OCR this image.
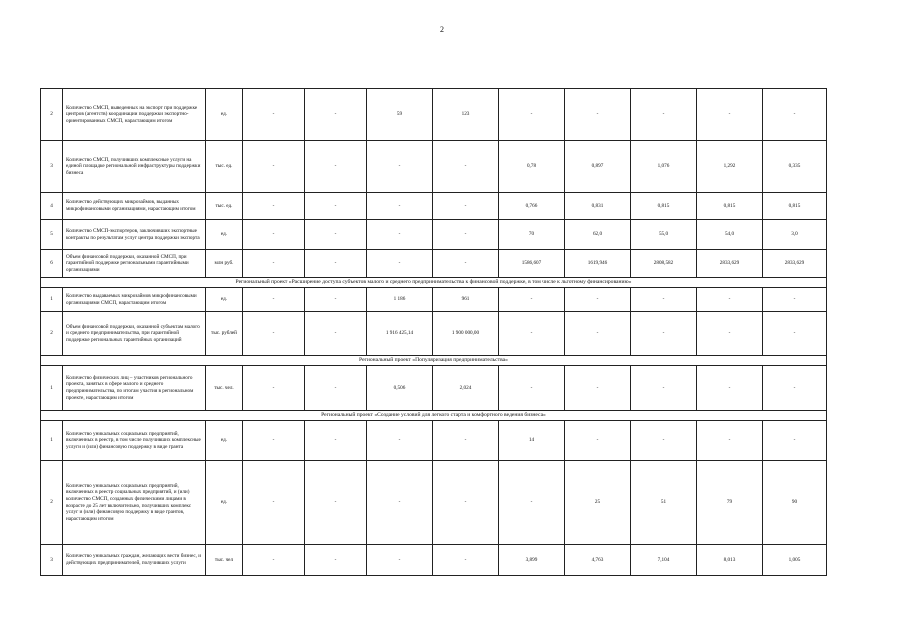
2
2	Количество СМСП, выведенных на экспорт при поддержке центров (агентств) координации поддержки экспортно-ориентированных СМСП, нарастающим итогом	ед.	-	-	59	123	-	-	-	-	-
3	Количество СМСП, получивших комплексные услуги на единой площадке региональной инфраструктуры поддержки бизнеса	тыс. ед.	-	-	-	-	0,78	0,897	1,076	1,292	0,335
4	Количество действующих микрозаймов, выданных микрофинансовыми организациями, нарастающим итогом	тыс. ед.	-	-	-	-	0,766	0,831	0,815	0,815	0,815
5	Количество СМСП-экспортеров, заключивших экспортные контракты по результатам услуг центра поддержки экспорта	ед.	-	-	-	-	70	62,0	55,0	54,0	3,0
6	Объем финансовой поддержки, оказанной СМСП, при гарантийной поддержке региональными гарантийными организациями	млн руб.	-	-	-	-	1586,607	1619,946	2808,582	2833,629	2833,629
Региональный проект «Расширение доступа субъектов малого и среднего предпринимательства к финансовой поддержке, в том числе к льготному финансированию»											
1	Количество выдаваемых микрозаймов микрофинансовыми организациями СМСП, нарастающим итогом	ед.	-	-	1 186	961	-	-	-	-	-
2	Объем финансовой поддержки, оказанной субъектам малого и среднего предпринимательства, при гарантийной поддержке региональных гарантийных организаций	тыс. рублей	-	-	1 916 425,14	1 900 000,00	-	-	-	-	-
Региональный проект «Популяризация предпринимательства»											
1	Количество физических лиц – участников регионального проекта, занятых в сфере малого и среднего предпринимательства, по итогам участия в региональном проекте, нарастающим итогом	тыс. чел.	-	-	0,506	2,024	-	-	-	-	-
Региональный проект «Создание условий для легкого старта и комфортного ведения бизнеса»											
1	Количество уникальных социальных предприятий, включенных в реестр, в том числе получивших комплексные услуги и (или) финансовую поддержку в виде гранта	ед.	-	-	-	-	14	-	-	-	-
2	Количество уникальных социальных предприятий, включенных в реестр социальных предприятий, и (или) количество СМСП, созданных физическими лицами в возрасте до 25 лет включительно, получивших комплекс услуг и (или) финансовую поддержку в виде грантов, нарастающим итогом	ед.	-	-	-	-	-	25	51	79	90
3	Количество уникальных граждан, желающих вести бизнес, и действующих предпринимателей, получивших услуги	тыс. чел	-	-	-	-	3,899	4,763	7,104	8,013	1,005
